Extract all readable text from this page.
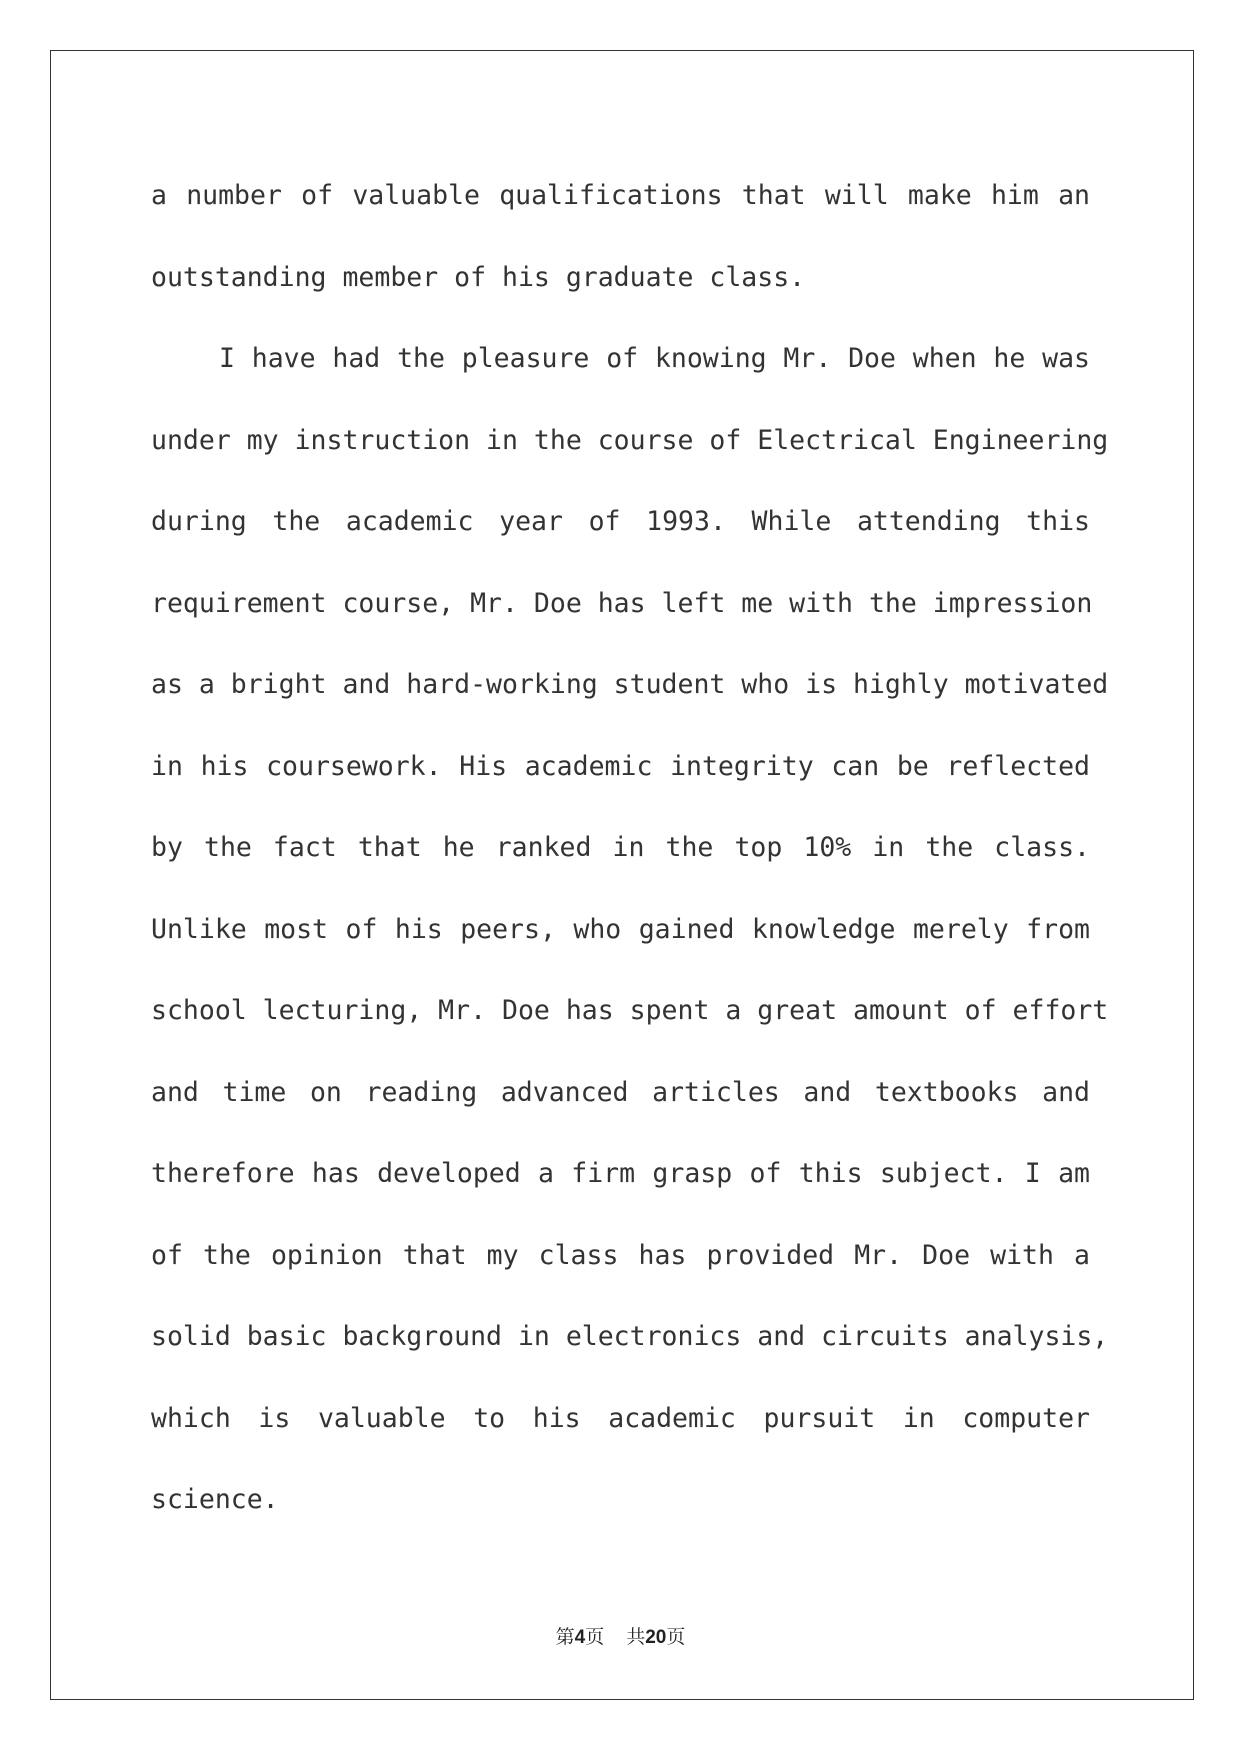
a number of valuable qualifications that will make him an
outstanding member of his graduate class.
I have had the pleasure of knowing Mr. Doe when he was
under my instruction in the course of Electrical Engineering
during the academic year of 1993. While attending this
requirement course, Mr. Doe has left me with the impression
as a bright and hard-working student who is highly motivated
in his coursework. His academic integrity can be reflected
by the fact that he ranked in the top 10% in the class.
Unlike most of his peers, who gained knowledge merely from
school lecturing, Mr. Doe has spent a great amount of effort
and time on reading advanced articles and textbooks and
therefore has developed a firm grasp of this subject. I am
of the opinion that my class has provided Mr. Doe with a
solid basic background in electronics and circuits analysis,
which is valuable to his academic pursuit in computer
science.
第4页 共20页
